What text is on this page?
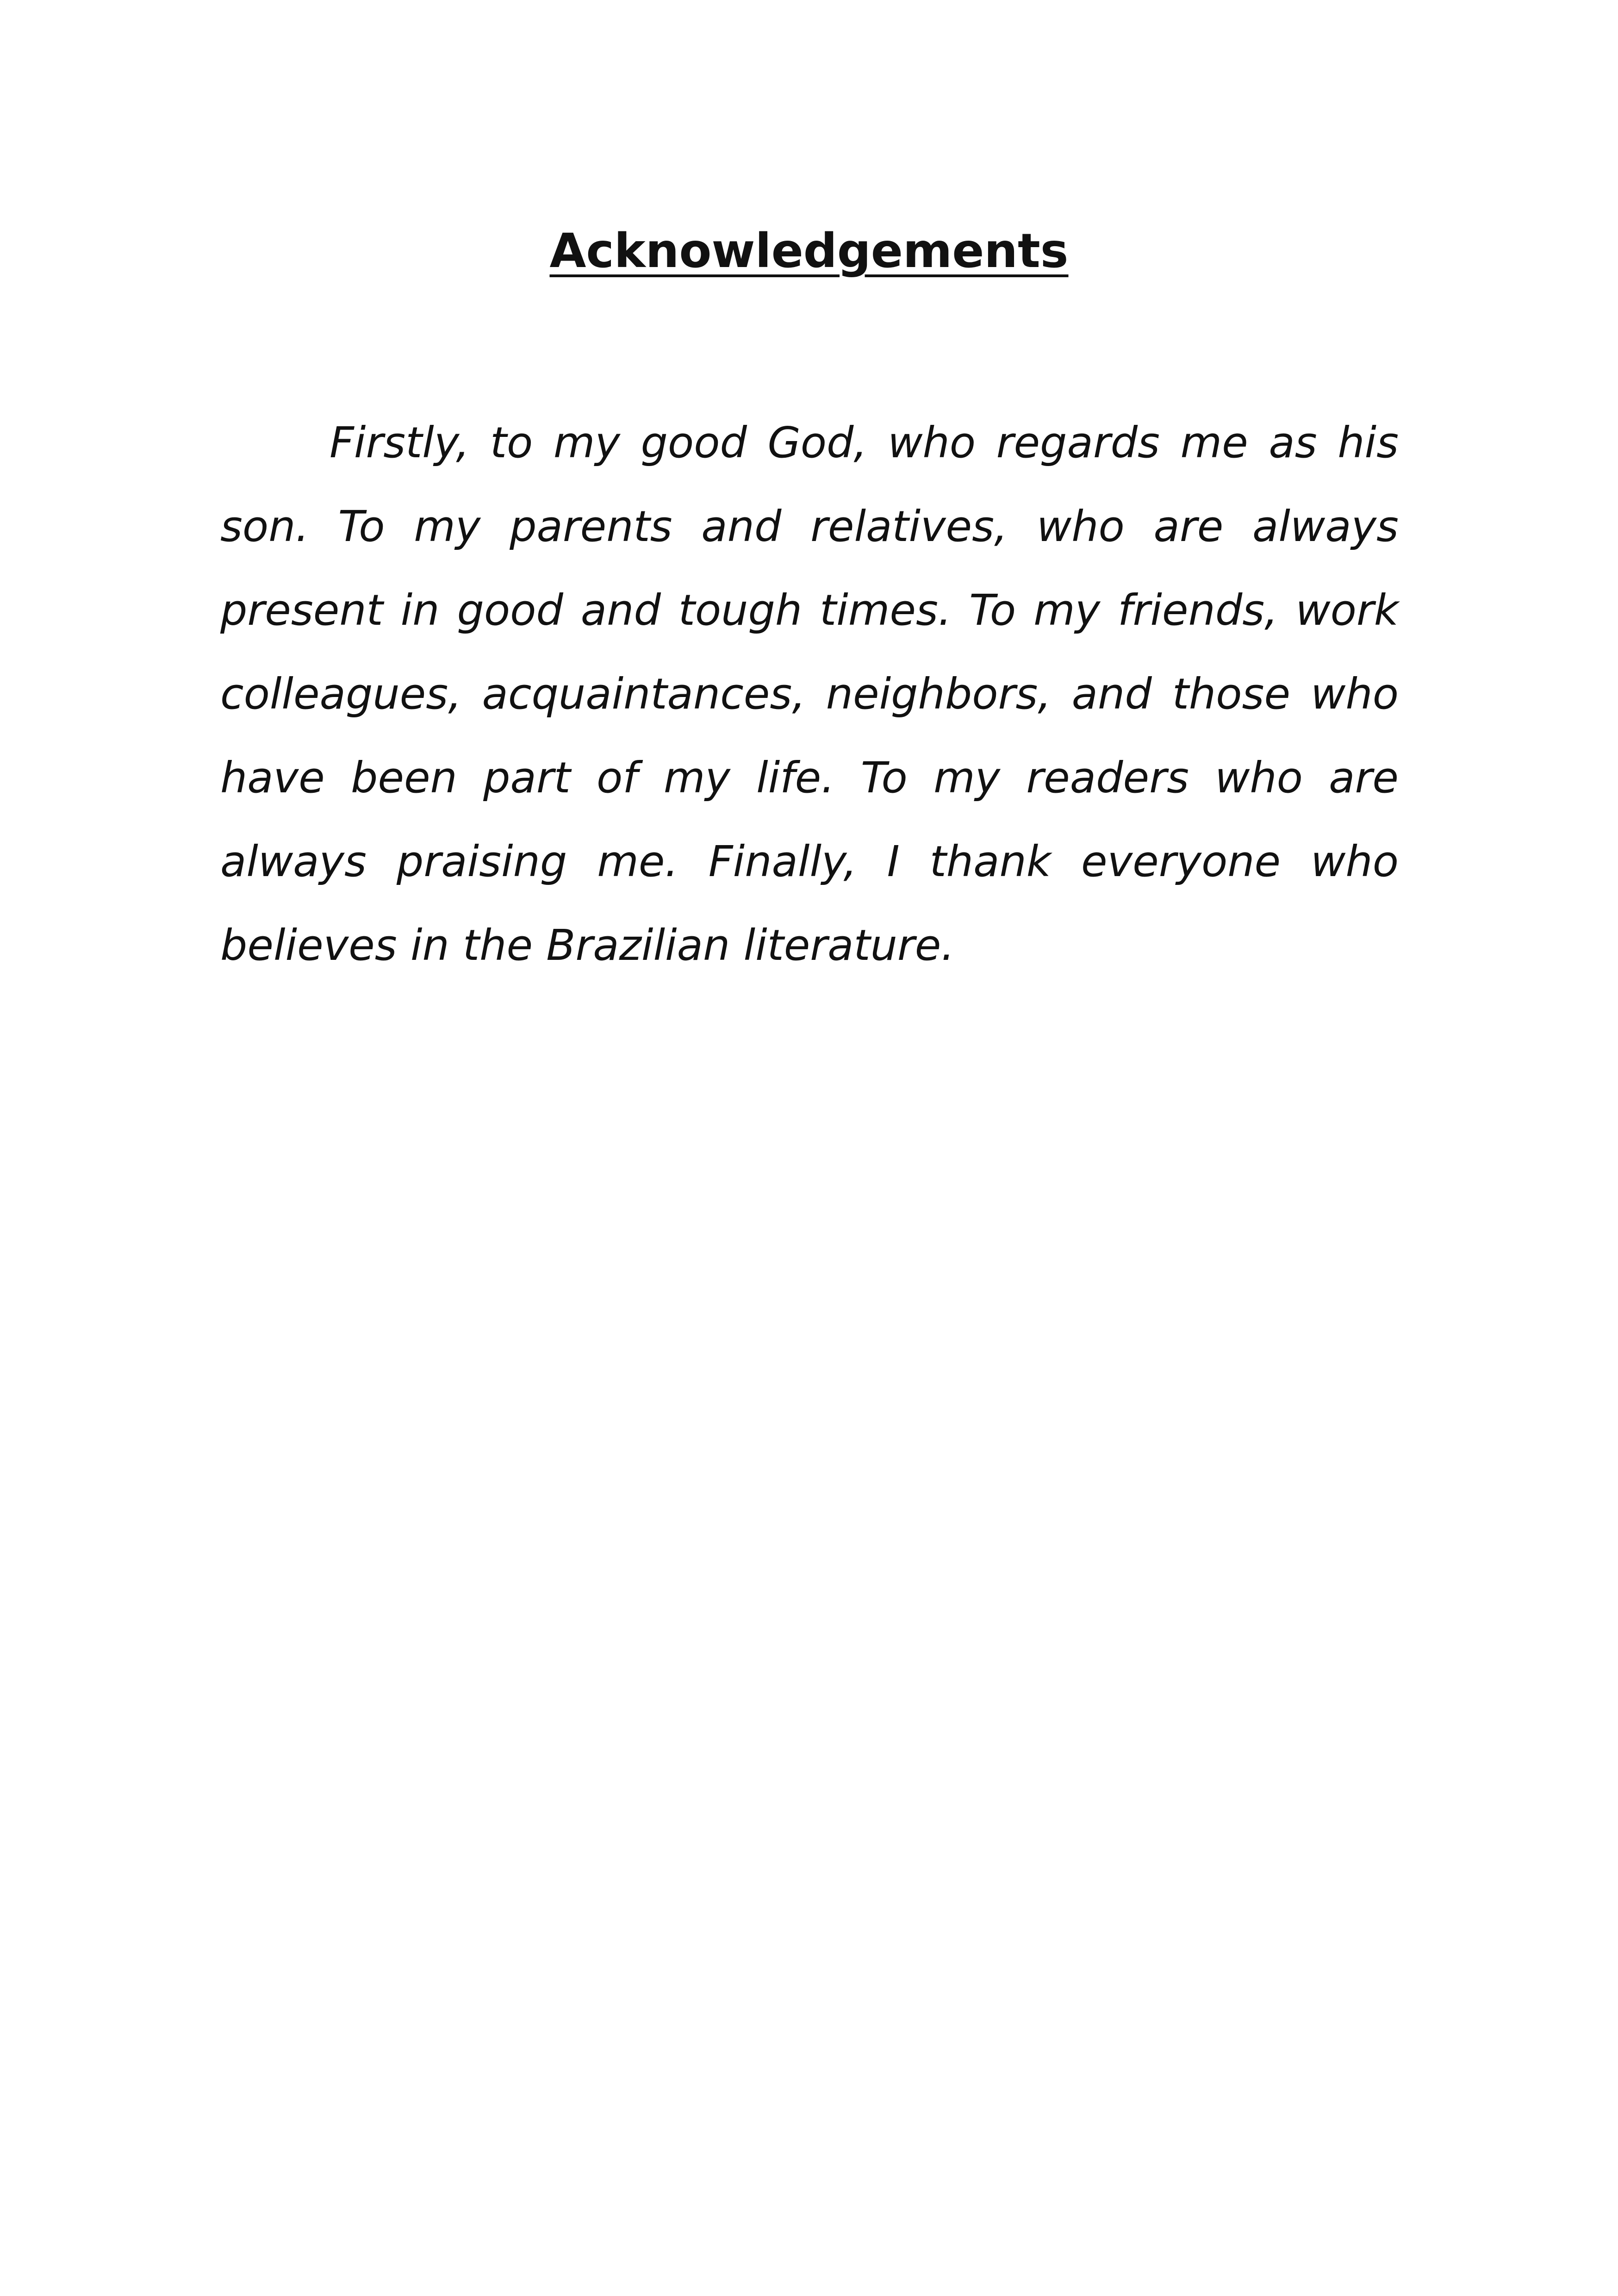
Acknowledgements

Firstly, to my good God, who regards me as his son. To my parents and relatives, who are always present in good and tough times. To my friends, work colleagues, acquaintances, neighbors, and those who have been part of my life. To my readers who are always praising me. Finally, I thank everyone who believes in the Brazilian literature.
